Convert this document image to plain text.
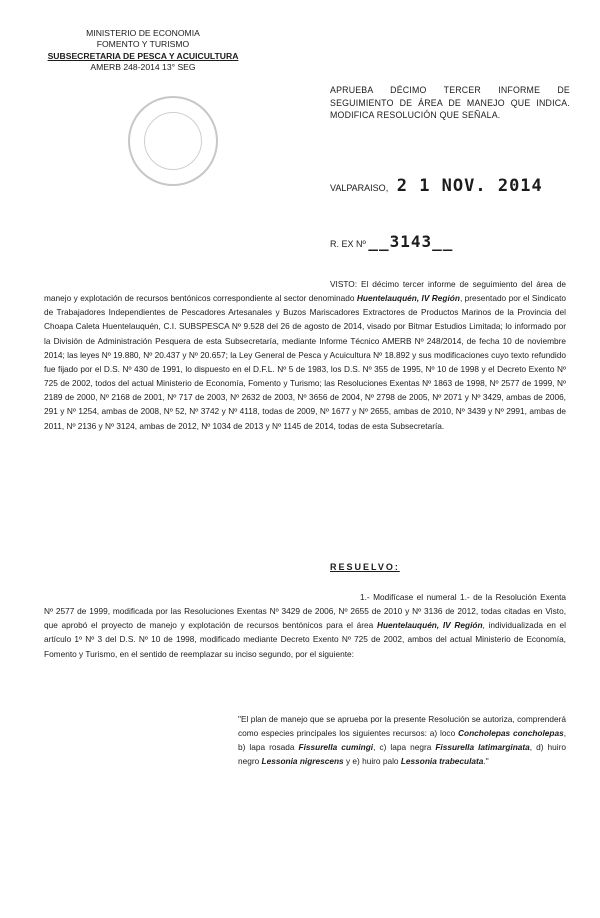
MINISTERIO DE ECONOMIA
FOMENTO Y TURISMO
SUBSECRETARIA DE PESCA Y ACUICULTURA
AMERB 248-2014 13° SEG
APRUEBA DÉCIMO TERCER INFORME DE SEGUIMIENTO DE ÁREA DE MANEJO QUE INDICA. MODIFICA RESOLUCIÓN QUE SEÑALA.
VALPARAISO, 2 1 NOV. 2014
R. EX Nº __3143__
VISTO: El décimo tercer informe de seguimiento del área de manejo y explotación de recursos bentónicos correspondiente al sector denominado Huentelauquén, IV Región, presentado por el Sindicato de Trabajadores Independientes de Pescadores Artesanales y Buzos Mariscadores Extractores de Productos Marinos de la Provincia del Choapa Caleta Huentelauquén, C.I. SUBSPESCA Nº 9.528 del 26 de agosto de 2014, visado por Bitmar Estudios Limitada; lo informado por la División de Administración Pesquera de esta Subsecretaría, mediante Informe Técnico AMERB Nº 248/2014, de fecha 10 de noviembre 2014; las leyes Nº 19.880, Nº 20.437 y Nº 20.657; la Ley General de Pesca y Acuicultura Nº 18.892 y sus modificaciones cuyo texto refundido fue fijado por el D.S. Nº 430 de 1991, lo dispuesto en el D.F.L. Nº 5 de 1983, los D.S. Nº 355 de 1995, Nº 10 de 1998 y el Decreto Exento Nº 725 de 2002, todos del actual Ministerio de Economía, Fomento y Turismo; las Resoluciones Exentas Nº 1863 de 1998, Nº 2577 de 1999, Nº 2189 de 2000, Nº 2168 de 2001, Nº 717 de 2003, Nº 2632 de 2003, Nº 3656 de 2004, Nº 2798 de 2005, Nº 2071 y Nº 3429, ambas de 2006, 291 y Nº 1254, ambas de 2008, Nº 52, Nº 3742 y Nº 4118, todas de 2009, Nº 1677 y Nº 2655, ambas de 2010, Nº 3439 y Nº 2991, ambas de 2011, Nº 2136 y Nº 3124, ambas de 2012, Nº 1034 de 2013 y Nº 1145 de 2014, todas de esta Subsecretaría.
RESUELVO:
1.- Modifícase el numeral 1.- de la Resolución Exenta Nº 2577 de 1999, modificada por las Resoluciones Exentas Nº 3429 de 2006, Nº 2655 de 2010 y Nº 3136 de 2012, todas citadas en Visto, que aprobó el proyecto de manejo y explotación de recursos bentónicos para el área Huentelauquén, IV Región, individualizada en el artículo 1º Nº 3 del D.S. Nº 10 de 1998, modificado mediante Decreto Exento Nº 725 de 2002, ambos del actual Ministerio de Economía, Fomento y Turismo, en el sentido de reemplazar su inciso segundo, por el siguiente:
"El plan de manejo que se aprueba por la presente Resolución se autoriza, comprenderá como especies principales los siguientes recursos: a) loco Concholepas concholepas, b) lapa rosada Fissurella cumingi, c) lapa negra Fissurella latimarginata, d) huiro negro Lessonia nigrescens y e) huiro palo Lessonia trabeculata."
